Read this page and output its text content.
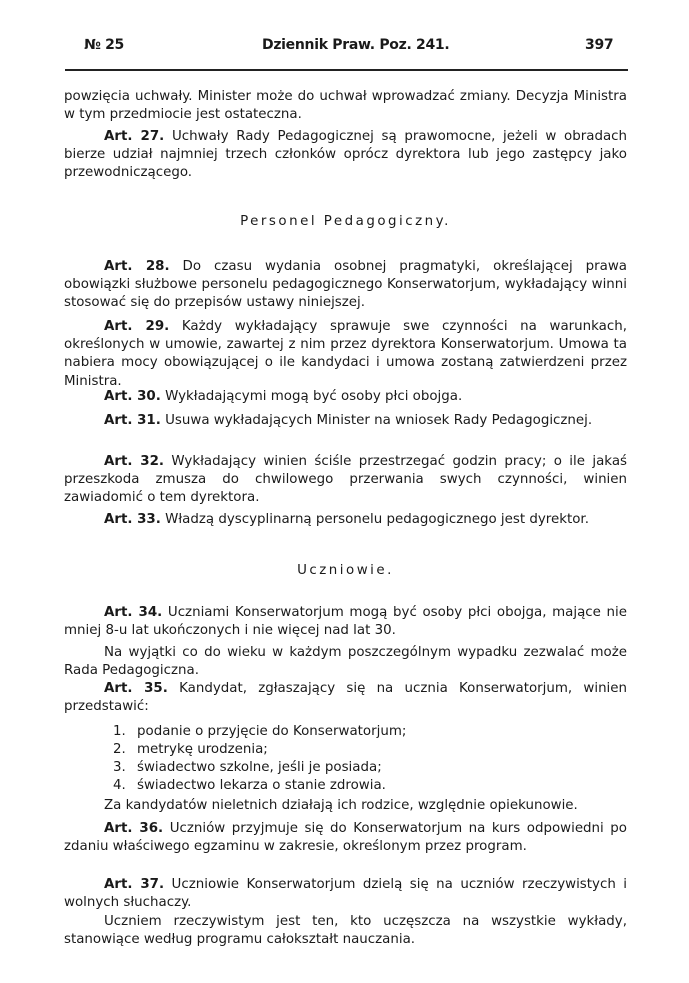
№ 25	Dziennik Praw. Poz. 241.	397

powzięcia uchwały. Minister może do uchwał wprowadzać zmiany. Decyzja Ministra w tym przedmiocie jest ostateczna.

Art. 27. Uchwały Rady Pedagogicznej są prawomocne, jeżeli w obradach bierze udział najmniej trzech członków oprócz dyrektora lub jego zastępcy jako przewodniczącego.

Personel Pedagogiczny.

Art. 28. Do czasu wydania osobnej pragmatyki, określającej prawa obowiązki służbowe personelu pedagogicznego Konserwatorjum, wykładający winni stosować się do przepisów ustawy niniejszej.

Art. 29. Każdy wykładający sprawuje swe czynności na warunkach, określonych w umowie, zawartej z nim przez dyrektora Konserwatorjum. Umowa ta nabiera mocy obowiązującej o ile kandydaci i umowa zostaną zatwierdzeni przez Ministra.

Art. 30. Wykładającymi mogą być osoby płci obojga.

Art. 31. Usuwa wykładających Minister na wniosek Rady Pedagogicznej.

Art. 32. Wykładający winien ściśle przestrzegać godzin pracy; o ile jakaś przeszkoda zmusza do chwilowego przerwania swych czynności, winien zawiadomić o tem dyrektora.

Art. 33. Władzą dyscyplinarną personelu pedagogicznego jest dyrektor.

Uczniowie.

Art. 34. Uczniami Konserwatorjum mogą być osoby płci obojga, mające nie mniej 8-u lat ukończonych i nie więcej nad lat 30.

Na wyjątki co do wieku w każdym poszczególnym wypadku zezwalać może Rada Pedagogiczna.

Art. 35. Kandydat, zgłaszający się na ucznia Konserwatorjum, winien przedstawić:

1. podanie o przyjęcie do Konserwatorjum;
2. metrykę urodzenia;
3. świadectwo szkolne, jeśli je posiada;
4. świadectwo lekarza o stanie zdrowia.

Za kandydatów nieletnich działają ich rodzice, względnie opiekunowie.

Art. 36. Uczniów przyjmuje się do Konserwatorjum na kurs odpowiedni po zdaniu właściwego egzaminu w zakresie, określonym przez program.

Art. 37. Uczniowie Konserwatorjum dzielą się na uczniów rzeczywistych i wolnych słuchaczy.

Uczniem rzeczywistym jest ten, kto uczęszcza na wszystkie wykłady, stanowiące według programu całokształt nauczania.
